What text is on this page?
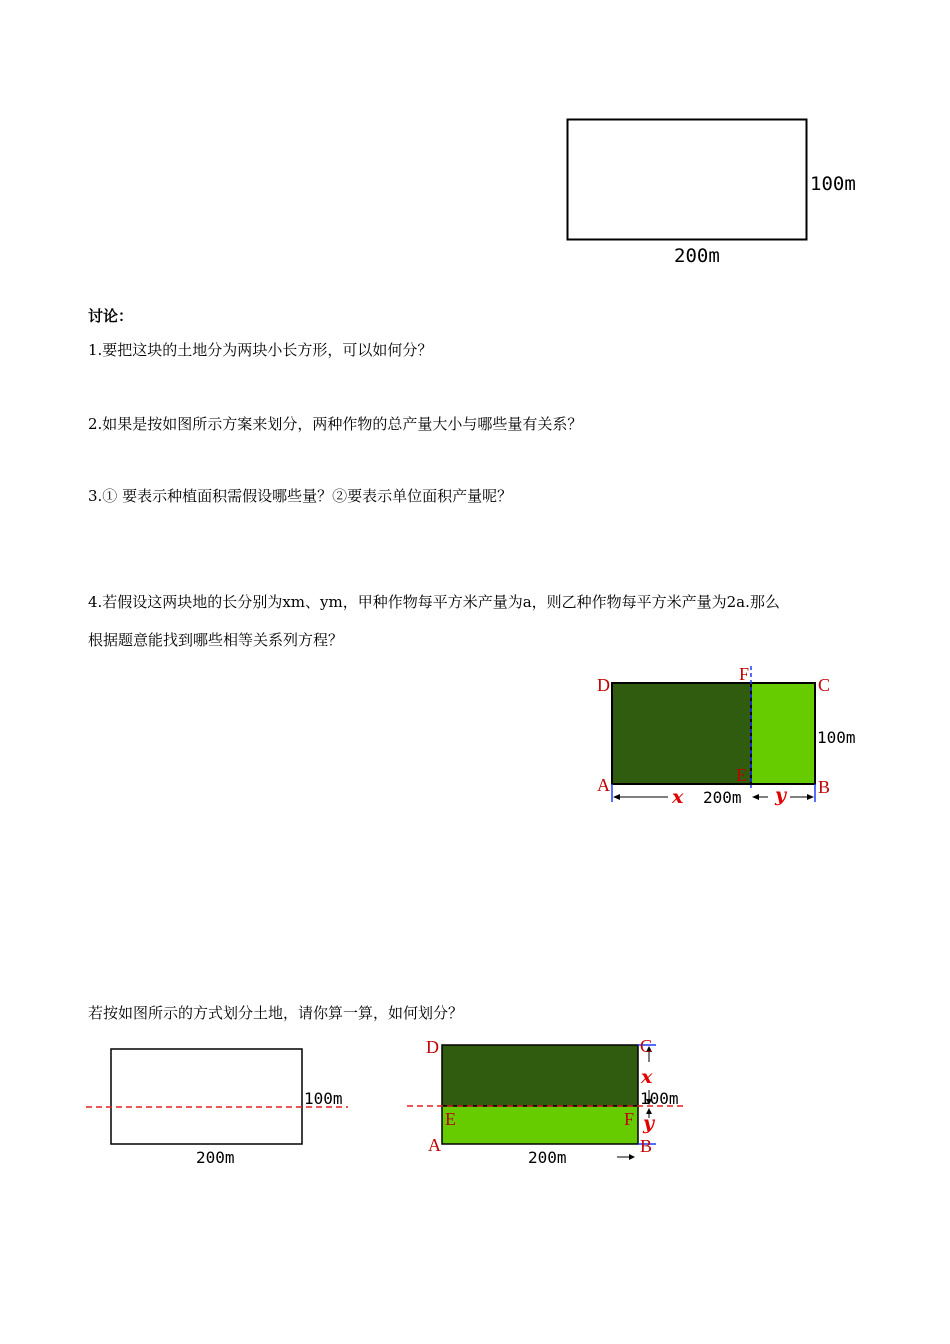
100m
200m
讨论：
1.要把这块的土地分为两块小长方形，可以如何分？
2.如果是按如图所示方案来划分，两种作物的总产量大小与哪些量有关系？
3.① 要表示种植面积需假设哪些量？②要表示单位面积产量呢？
4.若假设这两块地的长分别为xm、ym，甲种作物每平方米产量为a，则乙种作物每平方米产量为2a.那么
根据题意能找到哪些相等关系列方程？
D
F
C
A	E
B
100m
200m
x	y
若按如图所示的方式划分土地，请你算一算，如何划分？
100m
200m
D	C
E	F
A	B
x
y
100m
200m
